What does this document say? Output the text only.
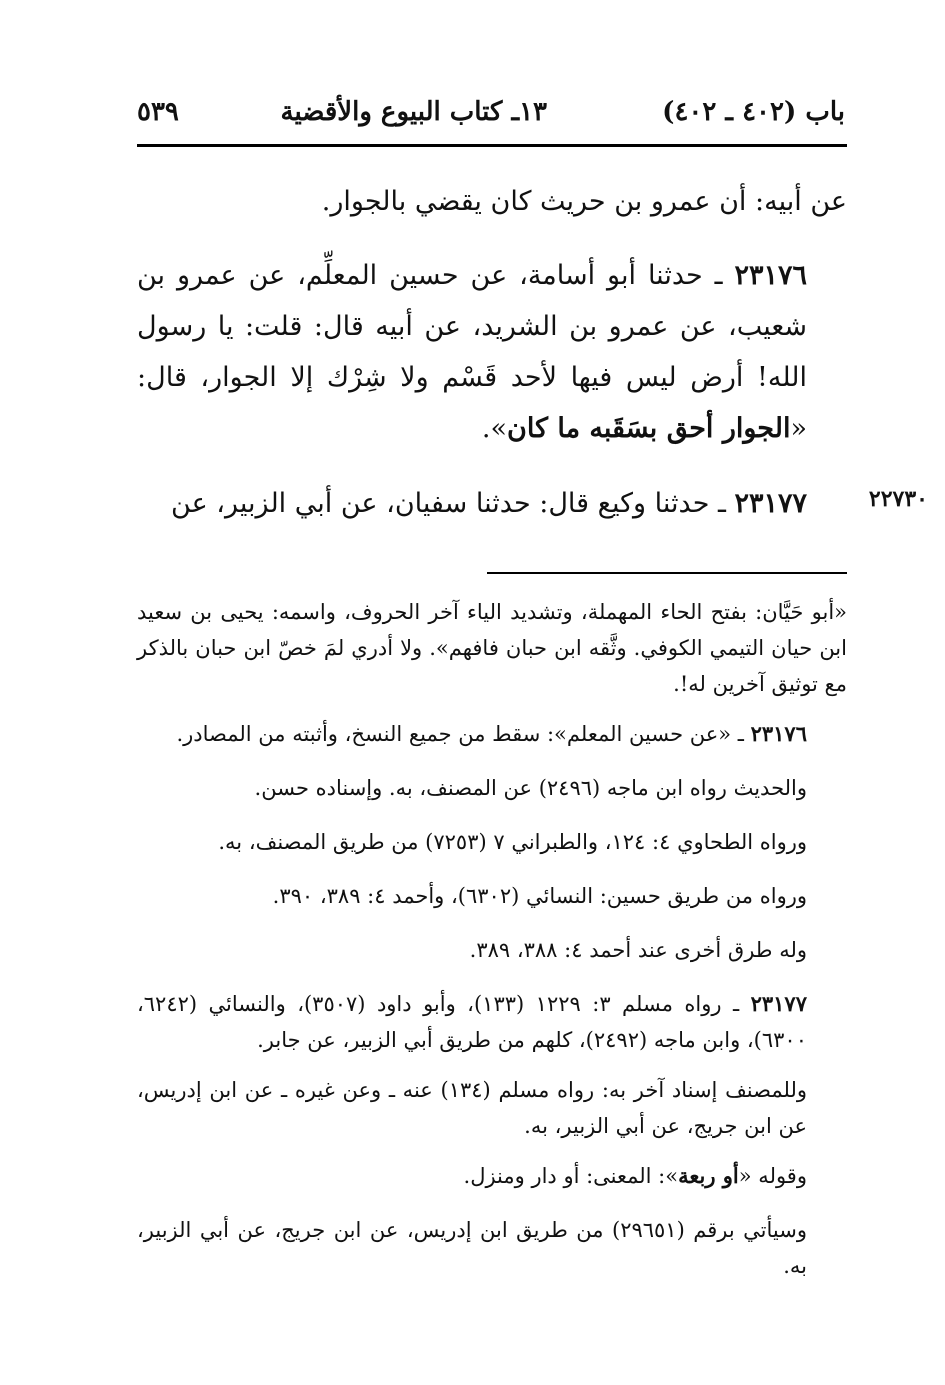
باب (٤٠٢ ـ ٤٠٢)
١٣ـ كتاب البيوع والأقضية
٥٣٩

عن أبيه: أن عمرو بن حريث كان يقضي بالجوار.

٢٣١٧٦ ـ حدثنا أبو أسامة، عن حسين المعلِّم، عن عمرو بن شعيب، عن عمرو بن الشريد، عن أبيه قال: قلت: يا رسول الله! أرض ليس فيها لأحد قَسْم ولا شِرْك إلا الجوار، قال: «الجوار أحق بسَقَبه ما كان».

٢٣١٧٧ ـ حدثنا وكيع قال: حدثنا سفيان، عن أبي الزبير، عن	٢٢٧٣٠

«أبو حَيَّان: بفتح الحاء المهملة، وتشديد الياء آخر الحروف، واسمه: يحيى بن سعيد ابن حيان التيمي الكوفي. وثَّقه ابن حبان فافهم». ولا أدري لمَ خصّ ابن حبان بالذكر مع توثيق آخرين له!.

٢٣١٧٦ ـ «عن حسين المعلم»: سقط من جميع النسخ، وأثبته من المصادر.

والحديث رواه ابن ماجه (٢٤٩٦) عن المصنف، به. وإسناده حسن.

ورواه الطحاوي ٤: ١٢٤، والطبراني ٧ (٧٢٥٣) من طريق المصنف، به.

ورواه من طريق حسين: النسائي (٦٣٠٢)، وأحمد ٤: ٣٨٩، ٣٩٠.

وله طرق أخرى عند أحمد ٤: ٣٨٨، ٣٨٩.

٢٣١٧٧ ـ رواه مسلم ٣: ١٢٢٩ (١٣٣)، وأبو داود (٣٥٠٧)، والنسائي (٦٢٤٢، ٦٣٠٠)، وابن ماجه (٢٤٩٢)، كلهم من طريق أبي الزبير، عن جابر.

وللمصنف إسناد آخر به: رواه مسلم (١٣٤) عنه ـ وعن غيره ـ عن ابن إدريس، عن ابن جريج، عن أبي الزبير، به.

وقوله «أو ربعة»: المعنى: أو دار ومنزل.

وسيأتي برقم (٢٩٦٥١) من طريق ابن إدريس، عن ابن جريج، عن أبي الزبير، به.
